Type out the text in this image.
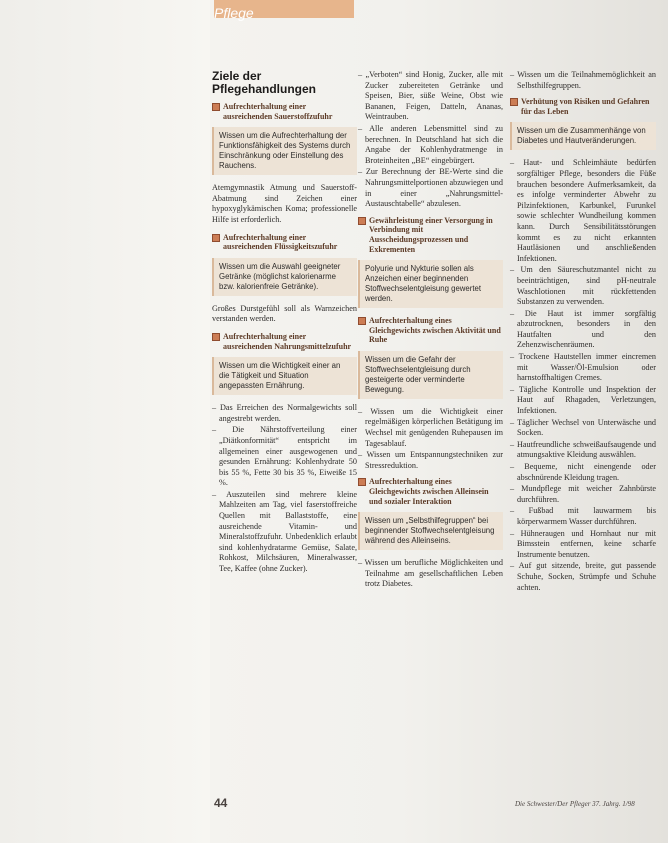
Pflege
Ziele der Pflegehandlungen
Aufrechterhaltung einer ausreichenden Sauerstoffzufuhr
Wissen um die Aufrechterhaltung der Funktionsfähigkeit des Systems durch Einschränkung oder Einstellung des Rauchens.

Atemgymnastik Atmung und Sauerstoff-Abatmung sind Zeichen einer hypoxyglykämischen Koma; professionelle Hilfe ist erforderlich.

Aufrechterhaltung einer ausreichenden Flüssigkeitszufuhr
Wissen um die Auswahl geeigneter Getränke (möglichst kalorienarme bzw. kalorienfreie Getränke).

Großes Durstgefühl soll als Warnzeichen verstanden werden.

Aufrechterhaltung einer ausreichenden Nahrungsmittelzufuhr
Wissen um die Wichtigkeit einer an die Tätigkeit und Situation angepassten Ernährung.
– Das Erreichen des Normalgewichts soll angestrebt werden.
– Die Nährstoffverteilung einer „Diätkonformität“ entspricht im allgemeinen einer ausgewogenen und gesunden Ernährung: Kohlenhydrate 50 bis 55 %, Fette 30 bis 35 %, Eiweiße 15 %.
– Auszuteilen sind mehrere kleine Mahlzeiten am Tag, viel faserstoffreiche Quellen mit Ballaststoffe, eine ausreichende Vitamin- und Mineralstoffzufuhr. Unbedenklich erlaubt sind kohlenhydratarme Gemüse, Salate, Rohkost, Milchsäuren, Mineralwasser, Tee, Kaffee (ohne Zucker).
– „Verboten“ sind Honig, Zucker, alle mit Zucker zubereiteten Getränke und Speisen, Bier, süße Weine, Obst wie Bananen, Feigen, Datteln, Ananas, Weintrauben.
– Alle anderen Lebensmittel sind zu berechnen. In Deutschland hat sich die Angabe der Kohlenhydratmenge in Broteinheiten „BE“ eingebürgert.
– Zur Berechnung der BE-Werte sind die Nahrungsmittelportionen abzuwiegen und in einer „Nahrungsmittel-Austauschtabelle“ abzulesen.
Gewährleistung einer Versorgung in Verbindung mit Ausscheidungsprozessen und Exkrementen
Polyurie und Nykturie sollen als Anzeichen einer beginnenden Stoffwechselentgleisung gewertet werden.
Aufrechterhaltung eines Gleichgewichts zwischen Aktivität und Ruhe
Wissen um die Gefahr der Stoffwechselentgleisung durch gesteigerte oder verminderte Bewegung.
– Wissen um die Wichtigkeit einer regelmäßigen körperlichen Betätigung im Wechsel mit genügenden Ruhepausen im Tagesablauf.
– Wissen um Entspannungstechniken zur Stressreduktion.
Aufrechterhaltung eines Gleichgewichts zwischen Alleinsein und sozialer Interaktion
Wissen um „Selbsthilfegruppen“ bei beginnender Stoffwechselentgleisung während des Alleinseins.
– Wissen um berufliche Möglichkeiten und Teilnahme am gesellschaftlichen Leben trotz Diabetes.
– Wissen um die Teilnahmemöglichkeit an Selbsthilfegruppen.
Verhütung von Risiken und Gefahren für das Leben
Wissen um die Zusammenhänge von Diabetes und Hautveränderungen.
– Haut- und Schleimhäute bedürfen sorgfältiger Pflege, besonders die Füße brauchen besondere Aufmerksamkeit, da es infolge verminderter Abwehr zu Pilzinfektionen, Karbunkel, Furunkel sowie schlechter Wundheilung kommen kann. Durch Sensibilitätsstörungen kommt es zu nicht erkannten Hautläsionen und anschließenden Infektionen.
– Um den Säureschutzmantel nicht zu beeinträchtigen, sind pH-neutrale Waschlotionen mit rückfettenden Substanzen zu verwenden.
– Die Haut ist immer sorgfältig abzutrocknen, besonders in den Hautfalten und den Zehenzwischenräumen.
– Trockene Hautstellen immer eincremen mit Wasser/Öl-Emulsion oder harnstoffhaltigen Cremes.
– Tägliche Kontrolle und Inspektion der Haut auf Rhagaden, Verletzungen, Infektionen.
– Täglicher Wechsel von Unterwäsche und Socken.
– Hautfreundliche schweißaufsaugende und atmungsaktive Kleidung auswählen.
– Bequeme, nicht einengende oder abschnürende Kleidung tragen.
– Mundpflege mit weicher Zahnbürste durchführen.
– Fußbad mit lauwarmem bis körperwarmem Wasser durchführen.
– Hühneraugen und Hornhaut nur mit Bimsstein entfernen, keine scharfe Instrumente benutzen.
– Auf gut sitzende, breite, gut passende Schuhe, Socken, Strümpfe und Schuhe achten.
44	Die Schwester/Der Pfleger 37. Jahrg. 1/98
